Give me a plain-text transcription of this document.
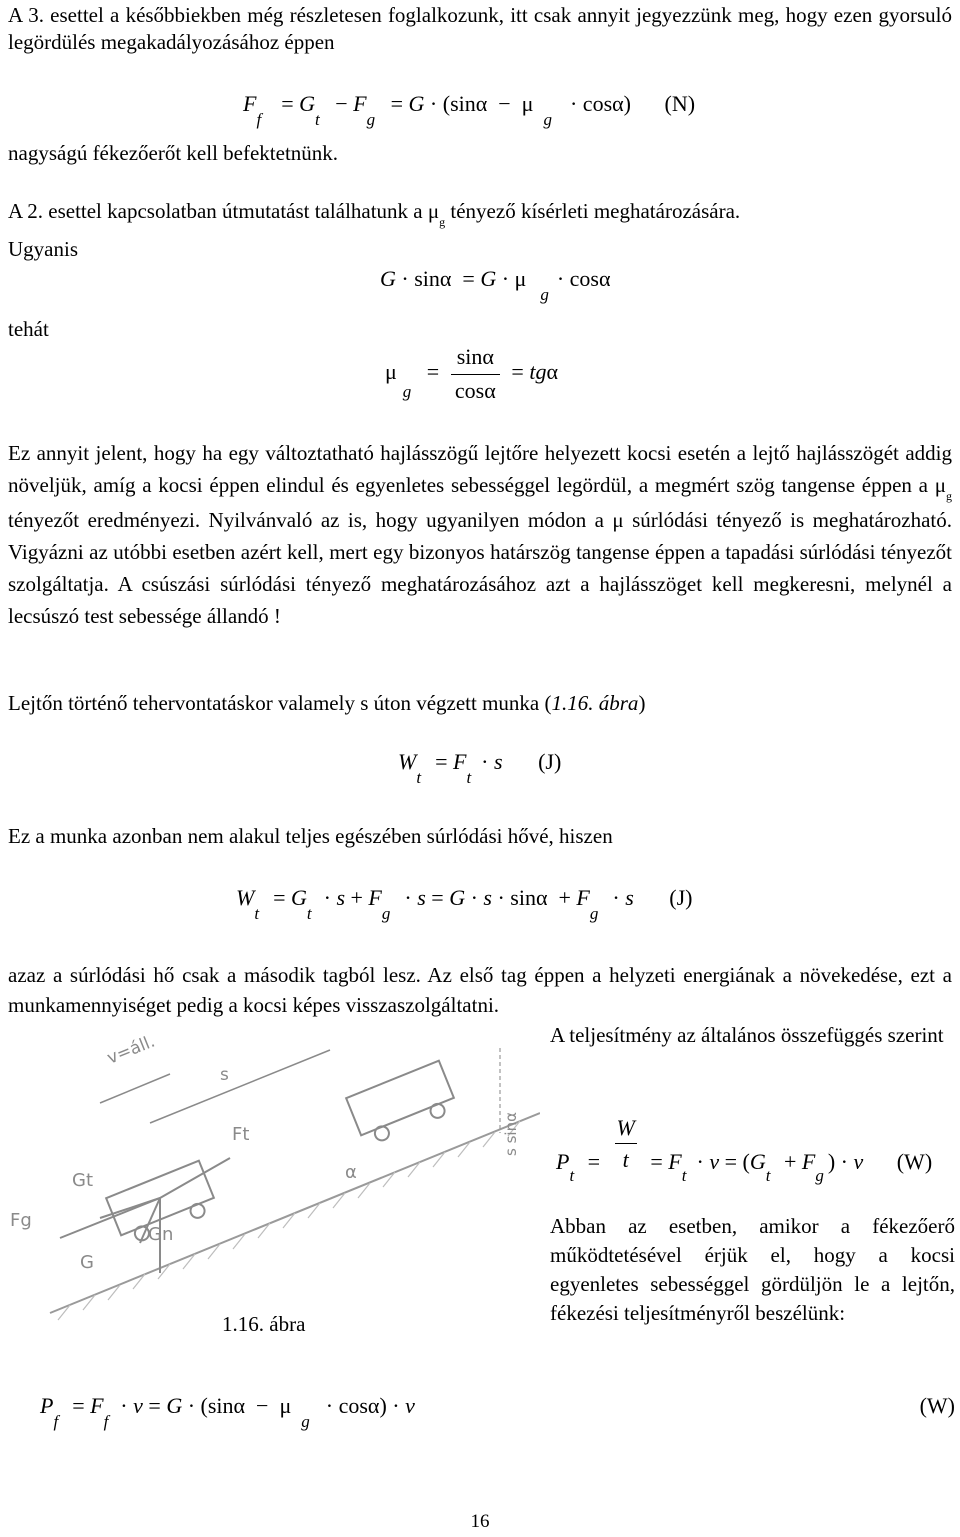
A 3. esettel a későbbiekben még részletesen foglalkozunk, itt csak annyit jegyezzünk meg, hogy ezen gyorsuló legördülés megakadályozásához éppen
$F_f= G_t - F_g = G \cdot (\sin\alpha - \mu_g\cdot \cos\alpha)$ (N)
nagyságú fékezőerőt kell befektetnünk.
A 2. esettel kapcsolatban útmutatást találhatunk a $\mu_g$ tényező kísérleti meghatározására.
Ugyanis
$G \cdot \sin\alpha = G \cdot \mu_g\cdot \cos\alpha$
tehát
$\mu_g = \frac{\sin\alpha}{\cos\alpha} = tg\alpha$
Ez annyit jelent, hogy ha egy változtatható hajlásszögű lejtőre helyezett kocsi esetén a lejtő hajlásszögét addig növeljük, amíg a kocsi éppen elindul és egyenletes sebességgel legördül, a megmért szög tangense éppen a $\mu_g$ tényezőt eredményezi. Nyilvánvaló az is, hogy ugyanilyen módon a μ súrlódási tényező is meghatározható. Vigyázni az utóbbi esetben azért kell, mert egy bizonyos határszög tangense éppen a tapadási súrlódási tényezőt szolgáltatja. A csúszási súrlódási tényező meghatározásához azt a hajlásszöget kell megkeresni, melynél a lecsúszó test sebessége állandó !
Lejtőn történő tehervontatáskor valamely s úton végzett munka (1.16. ábra)
$W_t= F_t\cdot s$ (J)
Ez a munka azonban nem alakul teljes egészében súrlódási hővé, hiszen
$W_t= G_t\cdot s + F_g\cdot s = G \cdot s \cdot \sin\alpha + F_g\cdot s$ (J)
azaz a súrlódási hő csak a második tagból lesz. Az első tag éppen a helyzeti energiának a növekedése, ezt a munkamennyiséget pedig a kocsi képes visszaszolgáltatni.
A teljesítmény az általános összefüggés szerint
$P_t= \frac{W}{t} = F_t\cdot v = (G_t + F_g) \cdot v$ (W)
Abban az esetben, amikor a fékezőerő működtetésével érjük el, hogy a kocsi egyenletes sebességgel gördüljön le a lejtőn, fékezési teljesítményről beszélünk:
v=áll.
s
Ft
Gt
Fg
Gn
G
α
s sinα
1.16. ábra
$P_f= F_f\cdot v = G \cdot (\sin\alpha - \mu_g\cdot \cos\alpha) \cdot v$	(W)
16
